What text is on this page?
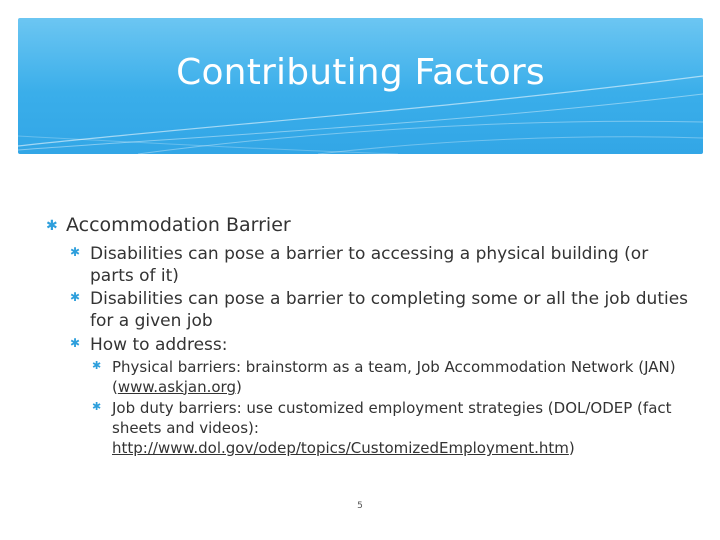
Contributing Factors
✱ Accommodation Barrier
✱ Disabilities can pose a barrier to accessing a physical building (or parts of it)
✱ Disabilities can pose a barrier to completing some or all the job duties for a given job
✱ How to address:
✱ Physical barriers: brainstorm as a team, Job Accommodation Network (JAN) (www.askjan.org)
✱ Job duty barriers: use customized employment strategies (DOL/ODEP (fact sheets and videos): http://www.dol.gov/odep/topics/CustomizedEmployment.htm)
5
